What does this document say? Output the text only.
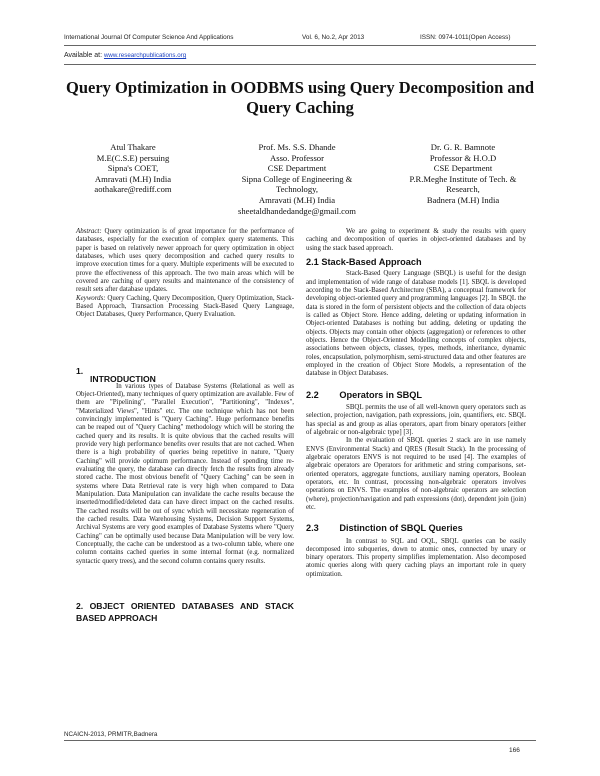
International Journal Of Computer Science And Applications	Vol. 6, No.2, Apr 2013	ISSN: 0974-1011(Open Access)
Available at: www.researchpublications.org
Query Optimization in OODBMS using Query Decomposition and Query Caching
Atul Thakare
M.E(C.S.E) persuing
Sipna's COET,
Amravati (M.H) India
aothakare@rediff.com
Prof. Ms. S.S. Dhande
Asso. Professor
CSE Department
Sipna College of Engineering &
Technology,
Amravati (M.H) India
sheetaldhandedandge@gmail.com
Dr. G. R. Bamnote
Professor & H.O.D
CSE Department
P.R.Meghe Institute of Tech. &
Research,
Badnera (M.H) India

Abstract: Query optimization is of great importance for the performance of databases, especially for the execution of complex query statements. This paper is based on relatively newer approach for query optimization in object databases, which uses query decomposition and cached query results to improve execution times for a query. Multiple experiments will be executed to prove the effectiveness of this approach. The two main areas which will be covered are caching of query results and maintenance of the consistency of result sets after database updates.

Keywords: Query Caching, Query Decomposition, Query Optimization, Stack-Based Approach, Transaction Processing Stack-Based Query Language, Object Databases, Query Performance, Query Evaluation.

1.
INTRODUCTION

In various types of Database Systems (Relational as well as Object-Oriented), many techniques of query optimization are available. Few of them are "Pipelining", "Parallel Execution", "Partitioning", "Indexes", "Materialized Views", "Hints" etc. The one technique which has not been convincingly implemented is "Query Caching". Huge performance benefits can be reaped out of "Query Caching" methodology which will be storing the cached query and its results. It is quite obvious that the cached results will provide very high performance benefits over results that are not cached. When there is a high probability of queries being repetitive in nature, "Query Caching" will provide optimum performance. Instead of spending time re-evaluating the query, the database can directly fetch the results from already stored cache. The most obvious benefit of "Query Caching" can be seen in systems where Data Retrieval rate is very high when compared to Data Manipulation. Data Manipulation can invalidate the cache results because the inserted/modified/deleted data can have direct impact on the cached results. The cached results will be out of sync which will necessitate regeneration of the cached results. Data Warehousing Systems, Decision Support Systems, Archival Systems are very good examples of Database Systems where "Query Caching" can be optimally used because Data Manipulation will be very low. Conceptually, the cache can be understood as a two-column table, where one column contains cached queries in some internal format (e.g. normalized syntactic query trees), and the second column contains query results.

2. OBJECT ORIENTED DATABASES AND STACK BASED APPROACH

We are going to experiment & study the results with query caching and decomposition of queries in object-oriented databases and by using the stack based approach.

2.1 Stack-Based Approach

Stack-Based Query Language (SBQL) is useful for the design and implementation of wide range of database models [1]. SBQL is developed according to the Stack-Based Architecture (SBA), a conceptual framework for developing object-oriented query and programming languages [2]. In SBQL the data is stored in the form of persistent objects and the collection of data objects is called as Object Store. Hence adding, deleting or updating information in Object-oriented Databases is nothing but adding, deleting or updating the objects. Objects may contain other objects (aggregation) or references to other objects. Hence the Object-Oriented Modelling concepts of complex objects, associations between objects, classes, types, methods, inheritance, dynamic roles, encapsulation, polymorphism, semi-structured data and other features are employed in the creation of Object Store Models, a representation of the database in Object Databases.

2.2 Operators in SBQL

SBQL permits the use of all well-known query operators such as selection, projection, navigation, path expressions, join, quantifiers, etc. SBQL has special as and group as alias operators, apart from binary operators [either of algebraic or non-algebraic type] [3].

In the evaluation of SBQL queries 2 stack are in use namely ENVS (Environmental Stack) and QRES (Result Stack). In the processing of algebraic operators ENVS is not required to be used [4]. The examples of algebraic operators are Operators for arithmetic and string comparisons, set-oriented operators, aggregate functions, auxiliary naming operators, Boolean operators, etc. In contrast, processing non-algebraic operators involves operations on ENVS. The examples of non-algebraic operators are selection (where), projection/navigation and path expressions (dot), dependent join (join) etc.

2.3 Distinction of SBQL Queries

In contrast to SQL and OQL, SBQL queries can be easily decomposed into subqueries, down to atomic ones, connected by unary or binary operators. This property simplifies implementation. Also decomposed atomic queries along with query caching plays an important role in query optimization.

NCAICN-2013, PRMITR,Badnera
166
